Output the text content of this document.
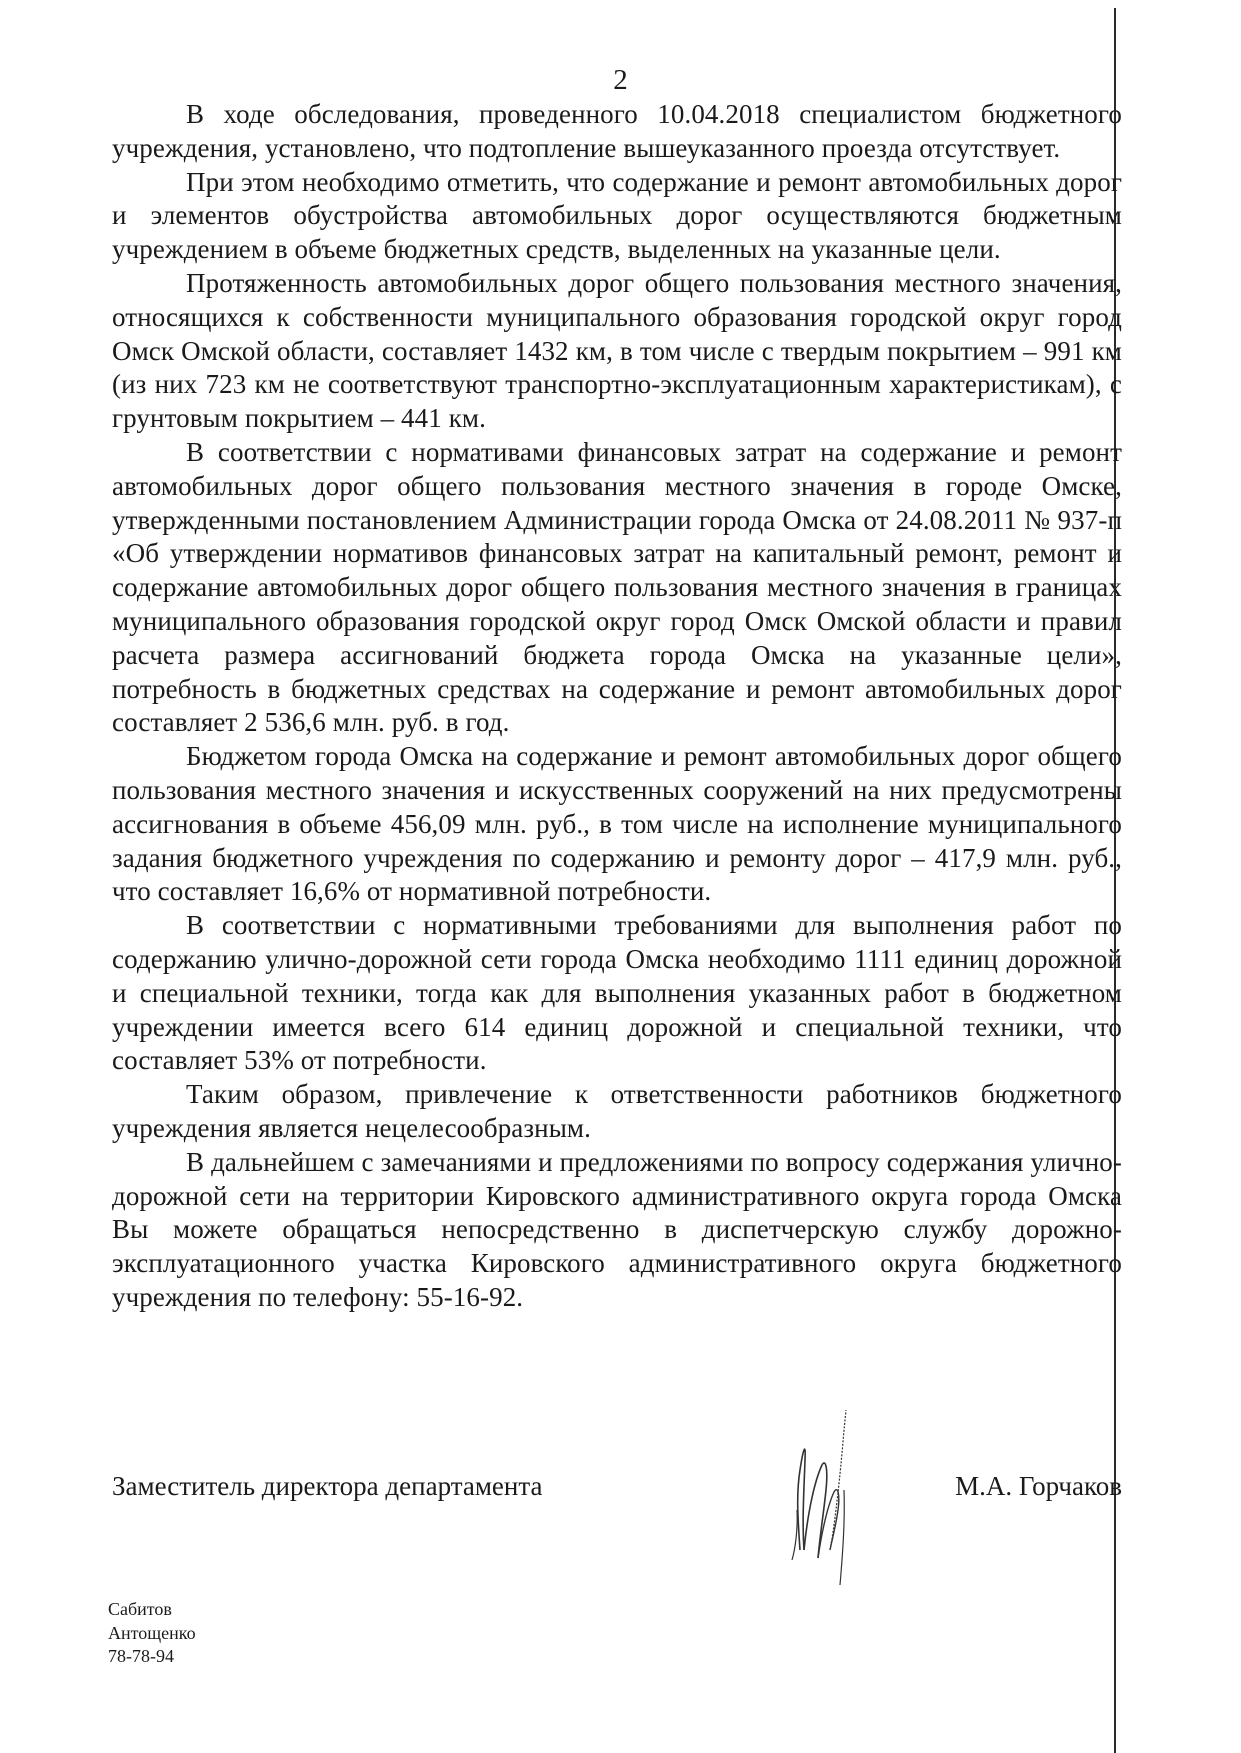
2

В ходе обследования, проведенного 10.04.2018 специалистом бюджетного учреждения, установлено, что подтопление вышеуказанного проезда отсутствует.

При этом необходимо отметить, что содержание и ремонт автомобильных дорог и элементов обустройства автомобильных дорог осуществляются бюджетным учреждением в объеме бюджетных средств, выделенных на указанные цели.

Протяженность автомобильных дорог общего пользования местного значения, относящихся к собственности муниципального образования городской округ город Омск Омской области, составляет 1432 км, в том числе с твердым покрытием – 991 км (из них 723 км не соответствуют транспортно-эксплуатационным характеристикам), с грунтовым покрытием – 441 км.

В соответствии с нормативами финансовых затрат на содержание и ремонт автомобильных дорог общего пользования местного значения в городе Омске, утвержденными постановлением Администрации города Омска от 24.08.2011 № 937-п «Об утверждении нормативов финансовых затрат на капитальный ремонт, ремонт и содержание автомобильных дорог общего пользования местного значения в границах муниципального образования городской округ город Омск Омской области и правил расчета размера ассигнований бюджета города Омска на указанные цели», потребность в бюджетных средствах на содержание и ремонт автомобильных дорог составляет 2 536,6 млн. руб. в год.

Бюджетом города Омска на содержание и ремонт автомобильных дорог общего пользования местного значения и искусственных сооружений на них предусмотрены ассигнования в объеме 456,09 млн. руб., в том числе на исполнение муниципального задания бюджетного учреждения по содержанию и ремонту дорог – 417,9 млн. руб., что составляет 16,6% от нормативной потребности.

В соответствии с нормативными требованиями для выполнения работ по содержанию улично-дорожной сети города Омска необходимо 1111 единиц дорожной и специальной техники, тогда как для выполнения указанных работ в бюджетном учреждении имеется всего 614 единиц дорожной и специальной техники, что составляет 53% от потребности.

Таким образом, привлечение к ответственности работников бюджетного учреждения является нецелесообразным.

В дальнейшем с замечаниями и предложениями по вопросу содержания улично-дорожной сети на территории Кировского административного округа города Омска Вы можете обращаться непосредственно в диспетчерскую службу дорожно-эксплуатационного участка Кировского административного округа бюджетного учреждения по телефону: 55-16-92.

Заместитель директора департамента	М.А. Горчаков
Сабитов
Антощенко
78-78-94
